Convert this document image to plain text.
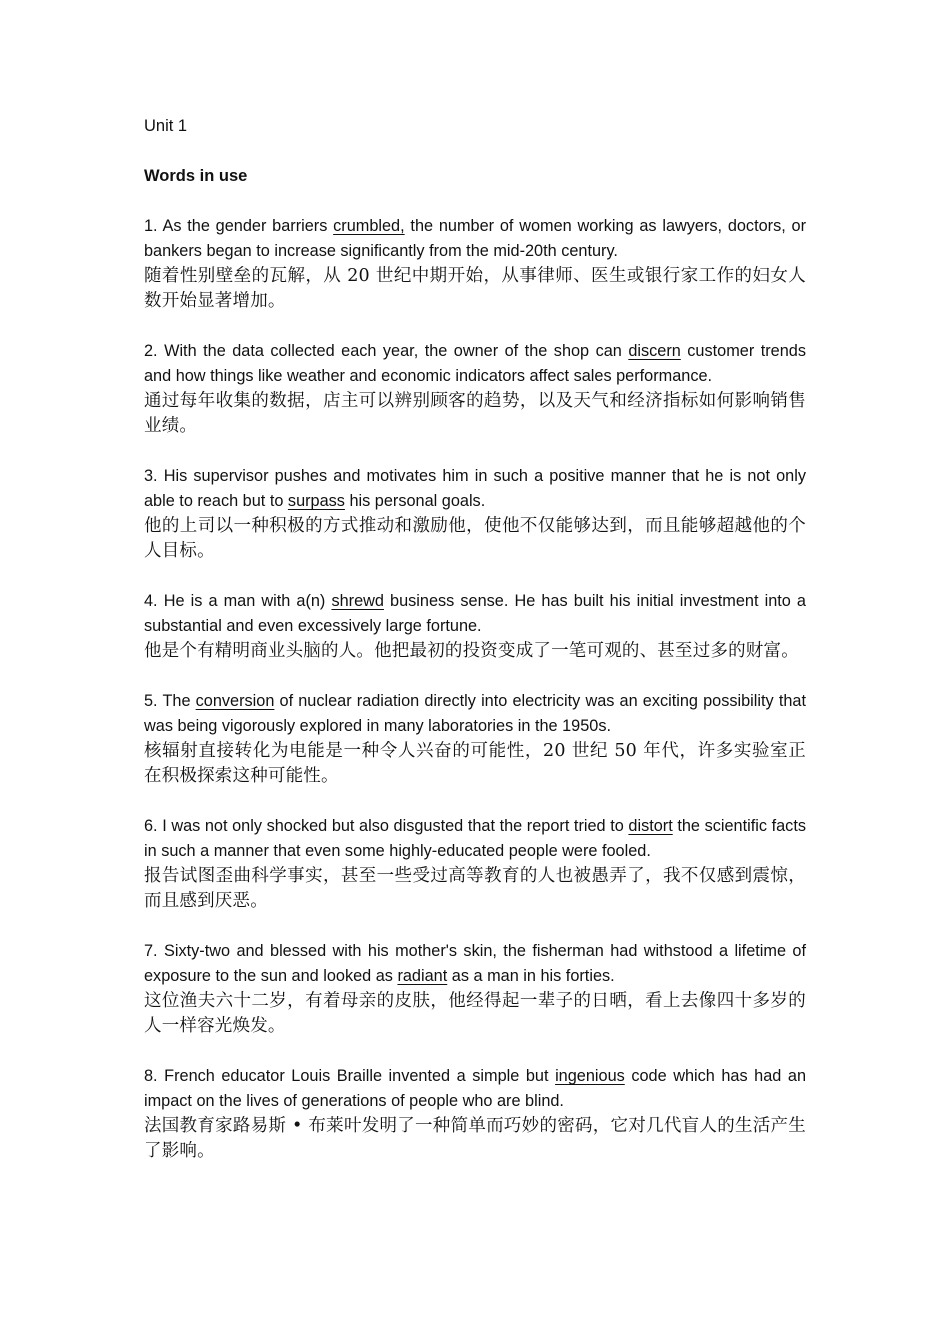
Unit 1
Words in use

1. As the gender barriers crumbled, the number of women working as lawyers, doctors, or bankers began to increase significantly from the mid-20th century.

随着性别壁垒的瓦解，从 20 世纪中期开始，从事律师、医生或银行家工作的妇女人数开始显著增加。

2. With the data collected each year, the owner of the shop can discern customer trends and how things like weather and economic indicators affect sales performance.

通过每年收集的数据，店主可以辨别顾客的趋势，以及天气和经济指标如何影响销售业绩。

3. His supervisor pushes and motivates him in such a positive manner that he is not only able to reach but to surpass his personal goals.

他的上司以一种积极的方式推动和激励他，使他不仅能够达到，而且能够超越他的个人目标。

4. He is a man with a(n) shrewd business sense. He has built his initial investment into a substantial and even excessively large fortune.

他是个有精明商业头脑的人。他把最初的投资变成了一笔可观的、甚至过多的财富。

5. The conversion of nuclear radiation directly into electricity was an exciting possibility that was being vigorously explored in many laboratories in the 1950s.

核辐射直接转化为电能是一种令人兴奋的可能性，20 世纪 50 年代，许多实验室正在积极探索这种可能性。

6. I was not only shocked but also disgusted that the report tried to distort the scientific facts in such a manner that even some highly-educated people were fooled.

报告试图歪曲科学事实，甚至一些受过高等教育的人也被愚弄了，我不仅感到震惊，而且感到厌恶。

7. Sixty-two and blessed with his mother's skin, the fisherman had withstood a lifetime of exposure to the sun and looked as radiant as a man in his forties.

这位渔夫六十二岁，有着母亲的皮肤，他经得起一辈子的日晒，看上去像四十多岁的人一样容光焕发。

8. French educator Louis Braille invented a simple but ingenious code which has had an impact on the lives of generations of people who are blind.

法国教育家路易斯 • 布莱叶发明了一种简单而巧妙的密码，它对几代盲人的生活产生了影响。
